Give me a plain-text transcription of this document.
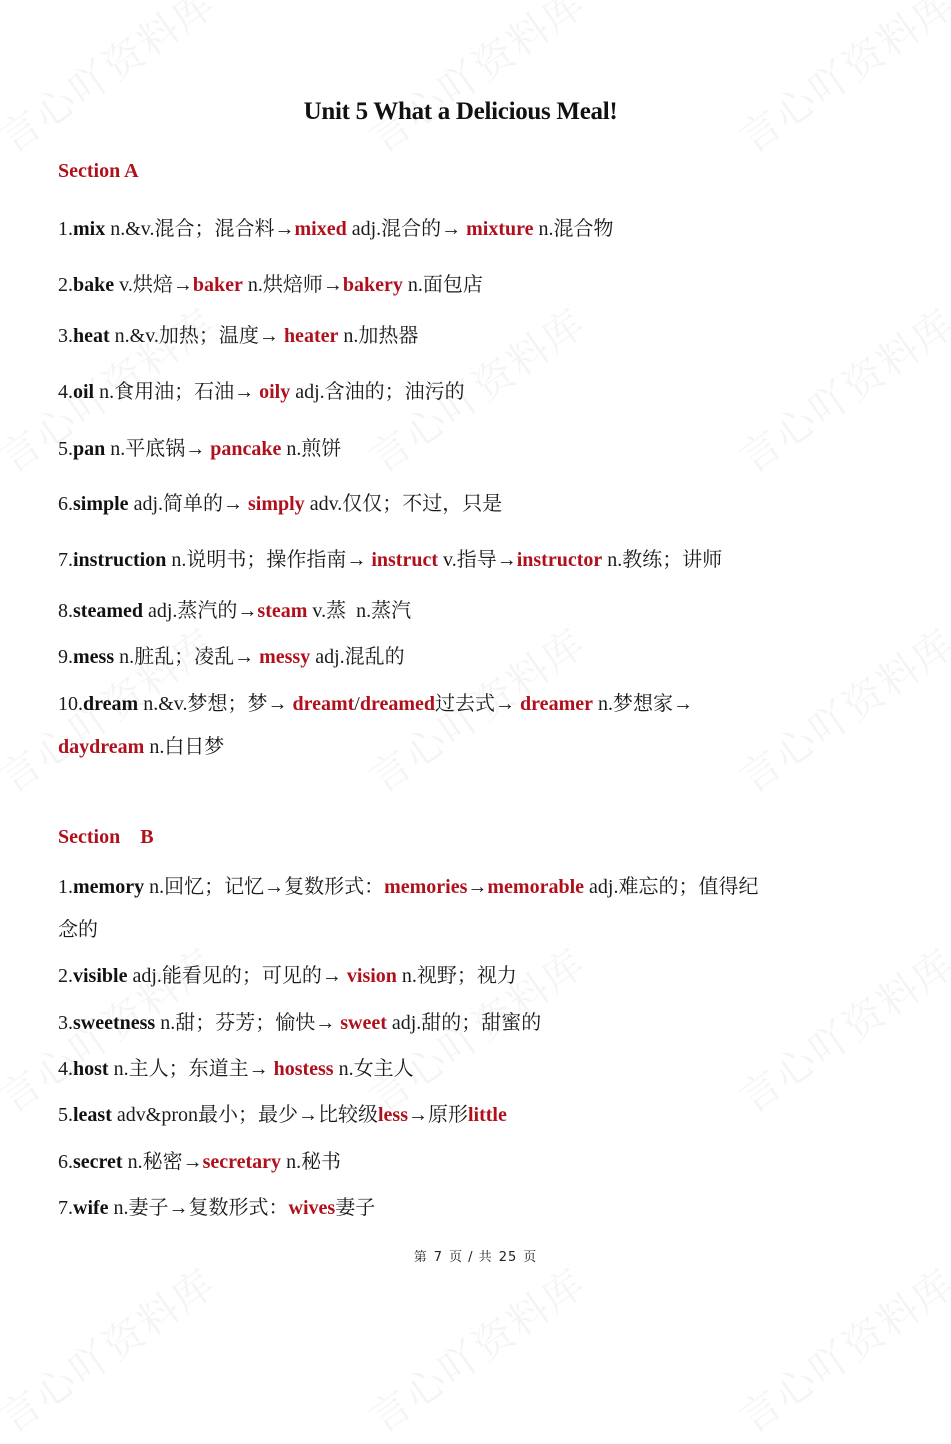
Unit 5 What a Delicious Meal!
Section A
1.mix n.&v.混合；混合料→mixed adj.混合的→ mixture n.混合物
2.bake v.烘焙→baker n.烘焙师→bakery n.面包店
3.heat n.&v.加热；温度→ heater n.加热器
4.oil n.食用油；石油→ oily adj.含油的；油污的
5.pan n.平底锅→ pancake n.煎饼
6.simple adj.简单的→ simply adv.仅仅；不过，只是
7.instruction n.说明书；操作指南→ instruct v.指导→instructor n.教练；讲师
8.steamed adj.蒸汽的→steam v.蒸  n.蒸汽
9.mess n.脏乱；凌乱→ messy adj.混乱的
10.dream n.&v.梦想；梦→ dreamt/dreamed过去式→ dreamer n.梦想家→
daydream n.白日梦
Section    B
1.memory n.回忆；记忆→复数形式：memories→memorable adj.难忘的；值得纪
念的
2.visible adj.能看见的；可见的→ vision n.视野；视力
3.sweetness n.甜；芬芳；愉快→ sweet adj.甜的；甜蜜的
4.host n.主人；东道主→ hostess n.女主人
5.least adv&pron最小；最少→比较级less→原形little
6.secret n.秘密→secretary n.秘书
7.wife n.妻子→复数形式：wives妻子
第 7 页 / 共 25 页
